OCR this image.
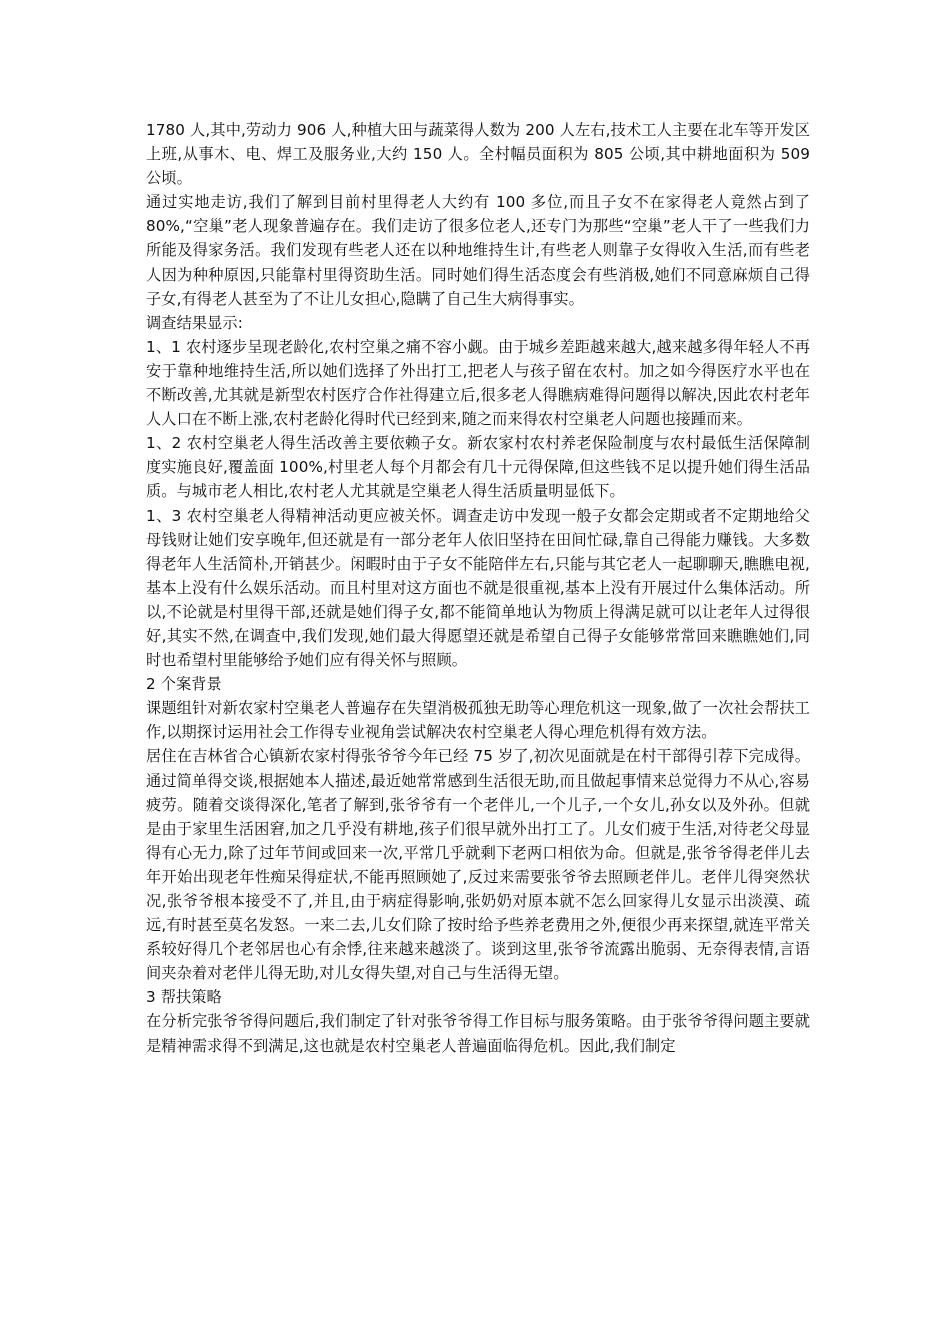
1780 人,其中,劳动力 906 人,种植大田与蔬菜得人数为 200 人左右,技术工人主要在北车等开发区上班,从事木、电、焊工及服务业,大约 150 人。全村幅员面积为 805 公顷,其中耕地面积为 509 公顷。

通过实地走访,我们了解到目前村里得老人大约有 100 多位,而且子女不在家得老人竟然占到了 80%,“空巢”老人现象普遍存在。我们走访了很多位老人,还专门为那些“空巢”老人干了一些我们力所能及得家务活。我们发现有些老人还在以种地维持生计,有些老人则靠子女得收入生活,而有些老人因为种种原因,只能靠村里得资助生活。同时她们得生活态度会有些消极,她们不同意麻烦自己得子女,有得老人甚至为了不让儿女担心,隐瞒了自己生大病得事实。

调查结果显示:

1、1 农村逐步呈现老龄化,农村空巢之痛不容小觑。由于城乡差距越来越大,越来越多得年轻人不再安于靠种地维持生活,所以她们选择了外出打工,把老人与孩子留在农村。加之如今得医疗水平也在不断改善,尤其就是新型农村医疗合作社得建立后,很多老人得瞧病难得问题得以解决,因此农村老年人人口在不断上涨,农村老龄化得时代已经到来,随之而来得农村空巢老人问题也接踵而来。

1、2 农村空巢老人得生活改善主要依赖子女。新农家村农村养老保险制度与农村最低生活保障制度实施良好,覆盖面 100%,村里老人每个月都会有几十元得保障,但这些钱不足以提升她们得生活品质。与城市老人相比,农村老人尤其就是空巢老人得生活质量明显低下。

1、3 农村空巢老人得精神活动更应被关怀。调查走访中发现一般子女都会定期或者不定期地给父母钱财让她们安享晚年,但还就是有一部分老年人依旧坚持在田间忙碌,靠自己得能力赚钱。大多数得老年人生活简朴,开销甚少。闲暇时由于子女不能陪伴左右,只能与其它老人一起聊聊天,瞧瞧电视,基本上没有什么娱乐活动。而且村里对这方面也不就是很重视,基本上没有开展过什么集体活动。所以,不论就是村里得干部,还就是她们得子女,都不能简单地认为物质上得满足就可以让老年人过得很好,其实不然,在调查中,我们发现,她们最大得愿望还就是希望自己得子女能够常常回来瞧瞧她们,同时也希望村里能够给予她们应有得关怀与照顾。

2 个案背景

课题组针对新农家村空巢老人普遍存在失望消极孤独无助等心理危机这一现象,做了一次社会帮扶工作,以期探讨运用社会工作得专业视角尝试解决农村空巢老人得心理危机得有效方法。

居住在吉林省合心镇新农家村得张爷爷今年已经 75 岁了,初次见面就是在村干部得引荐下完成得。通过简单得交谈,根据她本人描述,最近她常常感到生活很无助,而且做起事情来总觉得力不从心,容易疲劳。随着交谈得深化,笔者了解到,张爷爷有一个老伴儿,一个儿子,一个女儿,孙女以及外孙。但就是由于家里生活困窘,加之几乎没有耕地,孩子们很早就外出打工了。儿女们疲于生活,对待老父母显得有心无力,除了过年节间或回来一次,平常几乎就剩下老两口相依为命。但就是,张爷爷得老伴儿去年开始出现老年性痴呆得症状,不能再照顾她了,反过来需要张爷爷去照顾老伴儿。老伴儿得突然状况,张爷爷根本接受不了,并且,由于病症得影响,张奶奶对原本就不怎么回家得儿女显示出淡漠、疏远,有时甚至莫名发怒。一来二去,儿女们除了按时给予些养老费用之外,便很少再来探望,就连平常关系较好得几个老邻居也心有余悸,往来越来越淡了。谈到这里,张爷爷流露出脆弱、无奈得表情,言语间夹杂着对老伴儿得无助,对儿女得失望,对自己与生活得无望。

3 帮扶策略

在分析完张爷爷得问题后,我们制定了针对张爷爷得工作目标与服务策略。由于张爷爷得问题主要就是精神需求得不到满足,这也就是农村空巢老人普遍面临得危机。因此,我们制定
